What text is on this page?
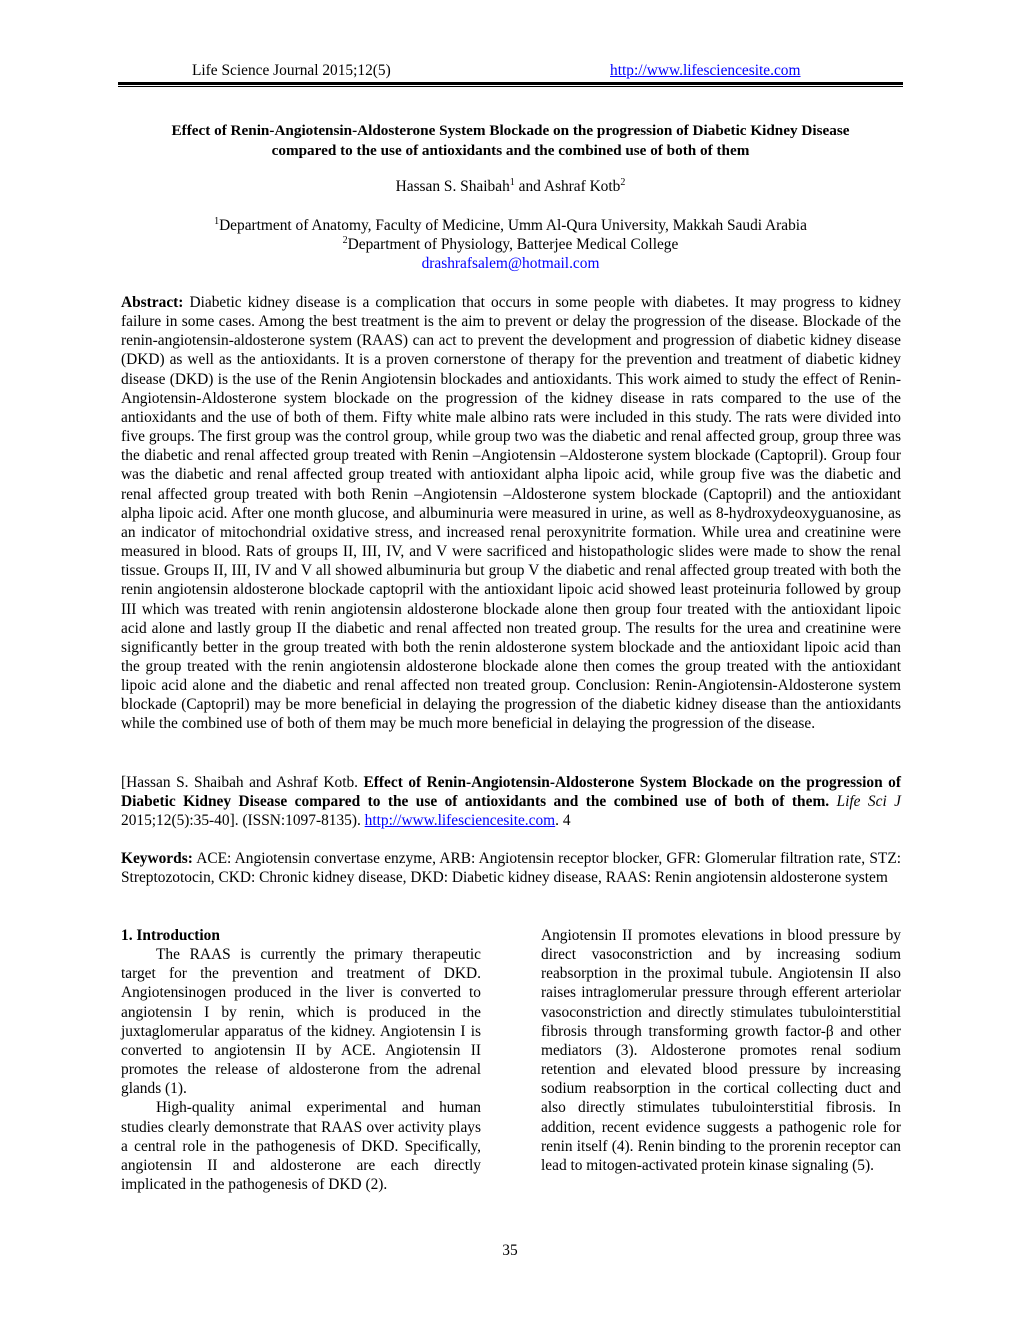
Life Science Journal 2015;12(5)	http://www.lifesciencesite.com
Effect of Renin-Angiotensin-Aldosterone System Blockade on the progression of Diabetic Kidney Disease
compared to the use of antioxidants and the combined use of both of them
Hassan S. Shaibah$^1$ and Ashraf Kotb$^2$
$^1$Department of Anatomy, Faculty of Medicine, Umm Al-Qura University, Makkah Saudi Arabia
$^2$Department of Physiology, Batterjee Medical College
drashrafsalem@hotmail.com
Abstract: Diabetic kidney disease is a complication that occurs in some people with diabetes. It may progress to kidney failure in some cases. Among the best treatment is the aim to prevent or delay the progression of the disease. Blockade of the renin-angiotensin-aldosterone system (RAAS) can act to prevent the development and progression of diabetic kidney disease (DKD) as well as the antioxidants. It is a proven cornerstone of therapy for the prevention and treatment of diabetic kidney disease (DKD) is the use of the Renin Angiotensin blockades and antioxidants. This work aimed to study the effect of Renin-Angiotensin-Aldosterone system blockade on the progression of the kidney disease in rats compared to the use of the antioxidants and the use of both of them. Fifty white male albino rats were included in this study. The rats were divided into five groups. The first group was the control group, while group two was the diabetic and renal affected group, group three was the diabetic and renal affected group treated with Renin –Angiotensin –Aldosterone system blockade (Captopril). Group four was the diabetic and renal affected group treated with antioxidant alpha lipoic acid, while group five was the diabetic and renal affected group treated with both Renin –Angiotensin –Aldosterone system blockade (Captopril) and the antioxidant alpha lipoic acid. After one month glucose, and albuminuria were measured in urine, as well as 8-hydroxydeoxyguanosine, as an indicator of mitochondrial oxidative stress, and increased renal peroxynitrite formation. While urea and creatinine were measured in blood. Rats of groups II, III, IV, and V were sacrificed and histopathologic slides were made to show the renal tissue. Groups II, III, IV and V all showed albuminuria but group V the diabetic and renal affected group treated with both the renin angiotensin aldosterone blockade captopril with the antioxidant lipoic acid showed least proteinuria followed by group III which was treated with renin angiotensin aldosterone blockade alone then group four treated with the antioxidant lipoic acid alone and lastly group II the diabetic and renal affected non treated group. The results for the urea and creatinine were significantly better in the group treated with both the renin aldosterone system blockade and the antioxidant lipoic acid than the group treated with the renin angiotensin aldosterone blockade alone then comes the group treated with the antioxidant lipoic acid alone and the diabetic and renal affected non treated group. Conclusion: Renin-Angiotensin-Aldosterone system blockade (Captopril) may be more beneficial in delaying the progression of the diabetic kidney disease than the antioxidants while the combined use of both of them may be much more beneficial in delaying the progression of the disease.
[Hassan S. Shaibah and Ashraf Kotb. Effect of Renin-Angiotensin-Aldosterone System Blockade on the progression of Diabetic Kidney Disease compared to the use of antioxidants and the combined use of both of them. Life Sci J 2015;12(5):35-40]. (ISSN:1097-8135). http://www.lifesciencesite.com. 4
Keywords: ACE: Angiotensin convertase enzyme, ARB: Angiotensin receptor blocker, GFR: Glomerular filtration rate, STZ: Streptozotocin, CKD: Chronic kidney disease, DKD: Diabetic kidney disease, RAAS: Renin angiotensin aldosterone system

1. Introduction

The RAAS is currently the primary therapeutic target for the prevention and treatment of DKD. Angiotensinogen produced in the liver is converted to angiotensin I by renin, which is produced in the juxtaglomerular apparatus of the kidney. Angiotensin I is converted to angiotensin II by ACE. Angiotensin II promotes the release of aldosterone from the adrenal glands (1).

High-quality animal experimental and human studies clearly demonstrate that RAAS over activity plays a central role in the pathogenesis of DKD. Specifically, angiotensin II and aldosterone are each directly implicated in the pathogenesis of DKD (2).

Angiotensin II promotes elevations in blood pressure by direct vasoconstriction and by increasing sodium reabsorption in the proximal tubule. Angiotensin II also raises intraglomerular pressure through efferent arteriolar vasoconstriction and directly stimulates tubulointerstitial fibrosis through transforming growth factor-β and other mediators (3). Aldosterone promotes renal sodium retention and elevated blood pressure by increasing sodium reabsorption in the cortical collecting duct and also directly stimulates tubulointerstitial fibrosis. In addition, recent evidence suggests a pathogenic role for renin itself (4). Renin binding to the prorenin receptor can lead to mitogen-activated protein kinase signaling (5).

35
